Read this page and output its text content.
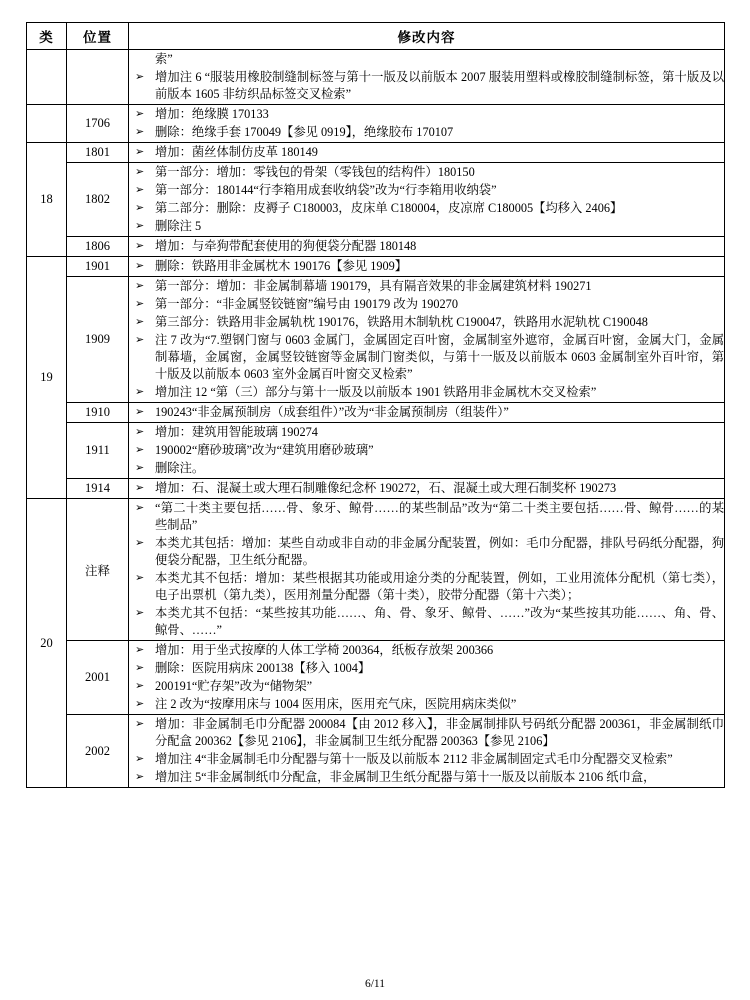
类	位置	修改内容

索”
➢ 增加注 6 “服装用橡胶制缝制标签与第十一版及以前版本 2007 服装用塑料或橡胶制缝制标签，第十版及以前版本 1605 非纺织品标签交叉检索”

	1706	
➢ 增加：绝缘膜 170133
➢ 删除：绝缘手套 170049【参见 0919】，绝缘胶布 170107

18	1801	➢ 增加：菌丝体制仿皮革 180149

1802	
➢ 第一部分：增加：零钱包的骨架（零钱包的结构件）180150
➢ 第一部分：180144“行李箱用成套收纳袋”改为“行李箱用收纳袋”
➢ 第二部分：删除：皮褥子 C180003，皮床单 C180004，皮凉席 C180005【均移入 2406】
➢ 删除注 5

1806	➢ 增加：与牵狗带配套使用的狗便袋分配器 180148

19	1901	➢ 删除：铁路用非金属枕木 190176【参见 1909】

1909	
➢ 第一部分：增加：非金属制幕墙 190179，具有隔音效果的非金属建筑材料 190271
➢ 第一部分：“非金属竖铰链窗”编号由 190179 改为 190270
➢ 第三部分：铁路用非金属轨枕 190176，铁路用木制轨枕 C190047，铁路用水泥轨枕 C190048
➢ 注 7 改为“7.塑钢门窗与 0603 金属门，金属固定百叶窗，金属制室外遮帘，金属百叶窗，金属大门，金属制幕墙，金属窗，金属竖铰链窗等金属制门窗类似，与第十一版及以前版本 0603 金属制室外百叶帘，第十版及以前版本 0603 室外金属百叶窗交叉检索”
➢ 增加注 12 “第（三）部分与第十一版及以前版本 1901 铁路用非金属枕木交叉检索”

1910	➢ 190243“非金属预制房（成套组件）”改为“非金属预制房（组装件）”

1911	
➢ 增加：建筑用智能玻璃 190274
➢ 190002“磨砂玻璃”改为“建筑用磨砂玻璃”
➢ 删除注。

1914	➢ 增加：石、混凝土或大理石制雕像纪念杯 190272，石、混凝土或大理石制奖杯 190273

20	注释	
➢ “第二十类主要包括……骨、象牙、鲸骨……的某些制品”改为“第二十类主要包括……骨、鲸骨……的某些制品”
➢ 本类尤其包括：增加：某些自动或非自动的非金属分配装置，例如：毛巾分配器，排队号码纸分配器，狗便袋分配器，卫生纸分配器。
➢ 本类尤其不包括：增加：某些根据其功能或用途分类的分配装置，例如，工业用流体分配机（第七类），电子出票机（第九类），医用剂量分配器（第十类），胶带分配器（第十六类）；
➢ 本类尤其不包括：“某些按其功能……、角、骨、象牙、鲸骨、……”改为“某些按其功能……、角、骨、鲸骨、……”

2001	
➢ 增加：用于坐式按摩的人体工学椅 200364，纸板存放架 200366
➢ 删除：医院用病床 200138【移入 1004】
➢ 200191“贮存架”改为“储物架”
➢ 注 2 改为“按摩用床与 1004 医用床，医用充气床，医院用病床类似”

2002	
➢ 增加：非金属制毛巾分配器 200084【由 2012 移入】，非金属制排队号码纸分配器 200361，非金属制纸巾分配盒 200362【参见 2106】，非金属制卫生纸分配器 200363【参见 2106】
➢ 增加注 4“非金属制毛巾分配器与第十一版及以前版本 2112 非金属制固定式毛巾分配器交叉检索”
➢ 增加注 5“非金属制纸巾分配盒，非金属制卫生纸分配器与第十一版及以前版本 2106 纸巾盒，
6/11
